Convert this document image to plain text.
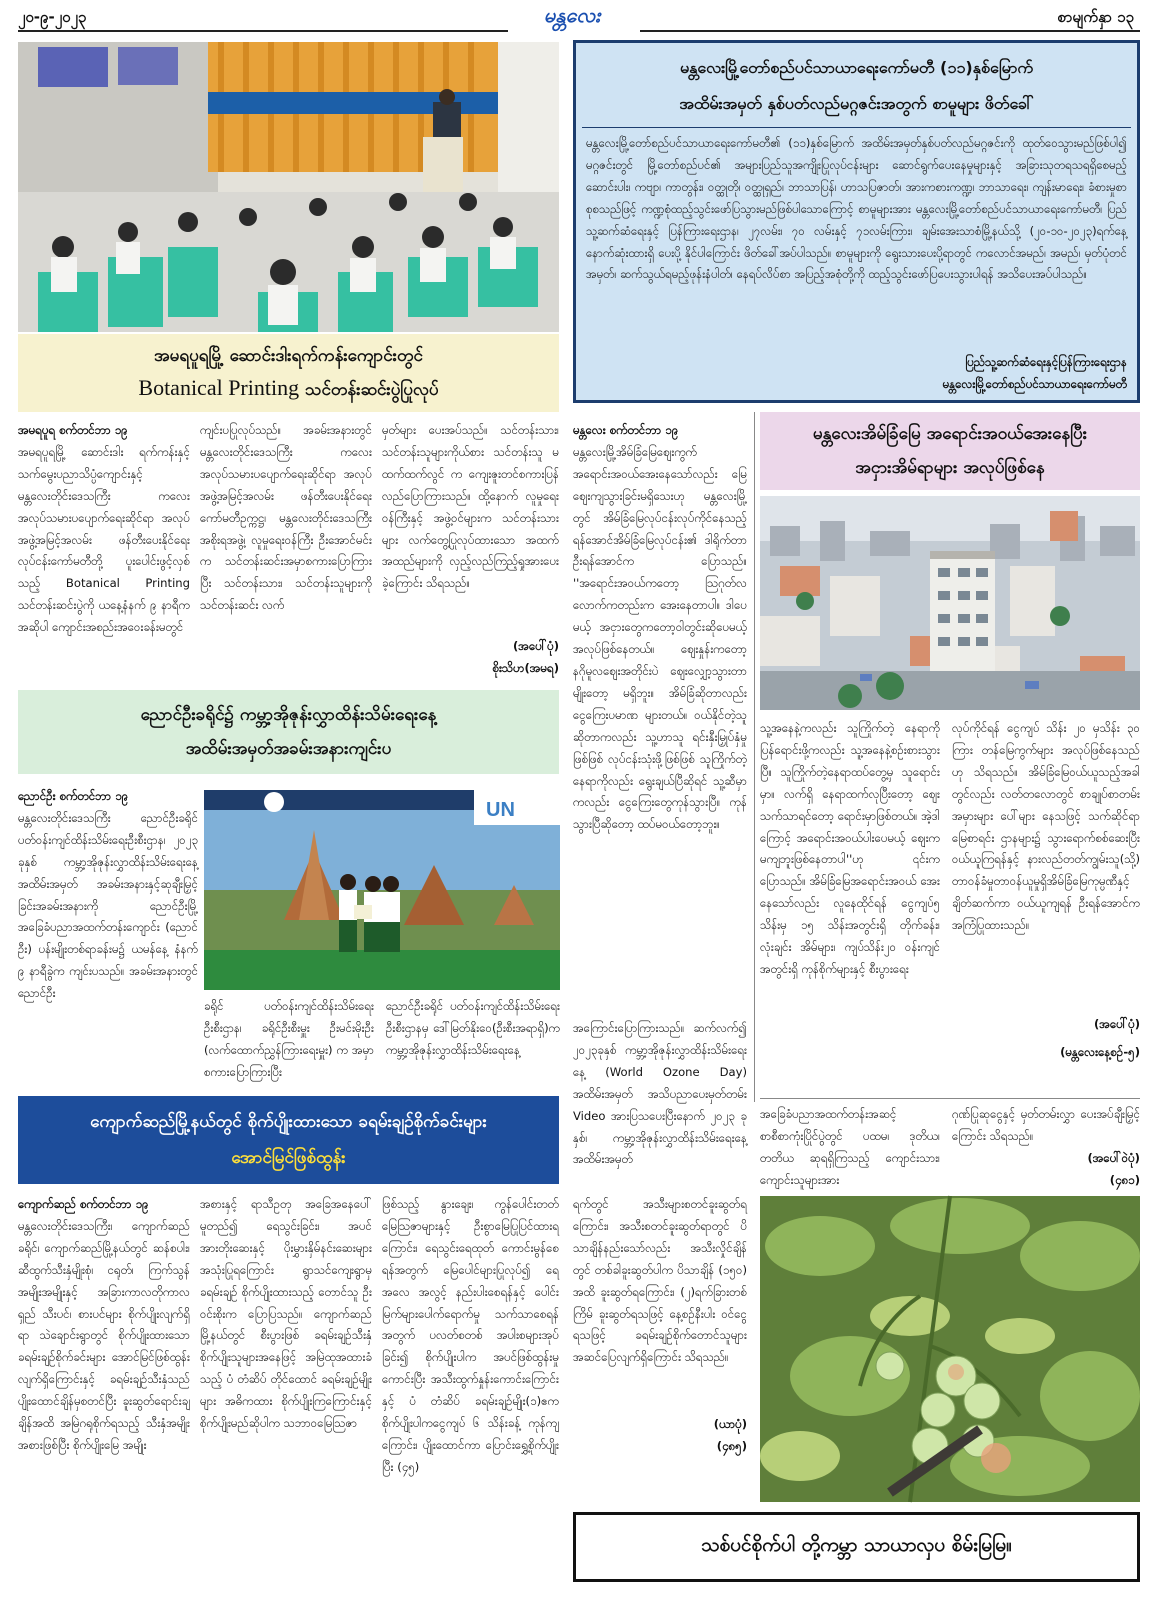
၂၀-၉-၂၀၂၃	မန္တလေး	စာမျက်နှာ ၁၃
အမရပူရမြို့ ဆောင်းဒါးရက်ကန်းကျောင်းတွင်
Botanical Printing သင်တန်းဆင်းပွဲပြုလုပ်
အမရပူရ စက်တင်ဘာ ၁၉
အမရပူရမြို့ ဆောင်းဒါး ရက်ကန်းနှင့် သက်မွေးပညာသိပ္ပံကျောင်းနှင့် မန္တလေးတိုင်းဒေသကြီး ကလေးအလုပ်သမားပပျောက်ရေးဆိုင်ရာ အလုပ်အဖွဲ့အမြင့်အလမ်း ဖန်တီးပေးနိုင်ရေးလုပ်ငန်းကော်မတီတို့ ပူးပေါင်းဖွင့်လှစ်သည့် Botanical Printing သင်တန်းဆင်းပွဲကို ယနေ့နံနက် ၉ နာရီက အဆိုပါ ကျောင်းအစည်းအဝေးခန်းမတွင်
ကျင်းပပြုလုပ်သည်။ အခမ်းအနားတွင် မန္တလေးတိုင်းဒေသကြီး ကလေးအလုပ်သမားပပျောက်ရေးဆိုင်ရာ အလုပ်အဖွဲ့အမြင့်အလမ်း ဖန်တီးပေးနိုင်ရေးကော်မတီဥက္ကဋ္ဌ၊ မန္တလေးတိုင်းဒေသကြီးအစိုးရအဖွဲ့၊ လူမှုရေးဝန်ကြီး ဦးအောင်မင်းက သင်တန်းဆင်းအမှာစကားပြောကြားပြီး သင်တန်းသား၊ သင်တန်းသူများကို သင်တန်းဆင်း လက်
မှတ်များ ပေးအပ်သည်။ သင်တန်းသား၊ သင်တန်းသူများကိုယ်စား သင်တန်းသူ မထက်ထက်လွင် က ကျေးဇူးတင်စကားပြန်လည်ပြောကြားသည်။ ထို့နောက် လူမှုရေးဝန်ကြီးနှင့် အဖွဲ့ဝင်များက သင်တန်းသားများ လက်တွေ့ပြုလုပ်ထားသော အထက်အထည်များကို လှည့်လည်ကြည့်ရှုအားပေး ခဲ့ကြောင်း သိရသည်။
(အပေါ်ပုံ)
စိုးသိဟ(အမရ)
မန္တလေးမြို့တော်စည်ပင်သာယာရေးကော်မတီ (၁၁)နှစ်မြောက်
အထိမ်းအမှတ် နှစ်ပတ်လည်မဂ္ဂဇင်းအတွက် စာမူများ ဖိတ်ခေါ်
မန္တလေးမြို့တော်စည်ပင်သာယာရေးကော်မတီ၏ (၁၁)နှစ်မြောက် အထိမ်းအမှတ်နှစ်ပတ်လည်မဂ္ဂဇင်းကို ထုတ်ဝေသွားမည်ဖြစ်ပါ၍ မဂ္ဂဇင်းတွင် မြို့တော်စည်ပင်၏ အများပြည်သူအကျိုးပြုလုပ်ငန်းများ ဆောင်ရွက်ပေးနေမှုများနှင့် အခြားသုတရသရရှိစေမည့် ဆောင်းပါး၊ ကဗျာ၊ ကာတွန်း၊ ဝတ္ထုတို၊ ဝတ္ထုရှည်၊ ဘာသာပြန်၊ ဟာသပြဇာတ်၊ အားကစားကဏ္ဍ၊ ဘာသာရေး၊ ကျန်းမာရေး၊ ခံစားမှုစာစုစသည်ဖြင့် ကဏ္ဍစုံထည့်သွင်းဖော်ပြသွားမည်ဖြစ်ပါသောကြောင့် စာမူများအား မန္တလေးမြို့တော်စည်ပင်သာယာရေးကော်မတီ၊ ပြည်သူ့ဆက်ဆံရေးနှင့် ပြန်ကြားရေးဌာန၊ ၂၇လမ်း၊ ၇၀ လမ်းနှင့် ၇၁လမ်းကြား၊ ချမ်းအေးသာစံမြို့နယ်သို့ (၂၀-၁၀-၂၀၂၃)ရက်နေ့ နောက်ဆုံးထားရှိ ပေးပို့ နိုင်ပါကြောင်း ဖိတ်ခေါ်အပ်ပါသည်။ စာမူများကို ရွေးသားပေးပို့ရာတွင် ကလောင်အမည်၊ အမည်၊ မှတ်ပုံတင်အမှတ်၊ ဆက်သွယ်ရမည့်ဖုန်းနံပါတ်၊ နေရပ်လိပ်စာ အပြည့်အစုံတို့ကို ထည့်သွင်းဖော်ပြပေးသွားပါရန် အသိပေးအပ်ပါသည်။
ပြည်သူ့ဆက်ဆံရေးနှင့်ပြန်ကြားရေးဌာန
မန္တလေးမြို့တော်စည်ပင်သာယာရေးကော်မတီ
မန္တလေး စက်တင်ဘာ ၁၉
မန္တလေးမြို့အိမ်ခြံမြေဈေးကွက် အရောင်းအဝယ်အေးနေသော်လည်း မြေဈေးကျသွားခြင်းမရှိသေးဟု မန္တလေးမြို့တွင် အိမ်ခြံမြေလုပ်ငန်းလုပ်ကိုင်နေသည့် ရန်အောင်အိမ်ခြံမြေလုပ်ငန်း၏ ဒါရိုက်တာ ဦးရန်အောင်က ပြောသည်။ ''အရောင်းအဝယ်ကတော့ ဩဂုတ်လလောက်ကတည်းက အေးနေတာပါ။ ဒါပေမယ့် အငှားတွေကတော့ဝါတွင်းဆိုပေမယ့် အလုပ်ဖြစ်နေတယ်။ ဈေးနှုန်းကတော့ နဂိုမူလဈေးအတိုင်းပဲ ဈေးလျှော့သွားတာမျိုးတော့ မရှိဘူး။ အိမ်ခြံဆိုတာလည်း ငွေကြေးပမာဏ များတယ်။ ဝယ်နိုင်တဲ့သူဆိုတာကလည်း သူ့ဟာသူ ရင်းနှီးမြှုပ်နှံမှုဖြစ်ဖြစ် လုပ်ငန်းသုံးဖို့ဖြစ်ဖြစ် သူကြိုက်တဲ့နေရာကိုလည်း ရွေးချယ်ပြီဆိုရင် သူ့ဆီမှာကလည်း ငွေကြေးတွေကုန်သွားပြီ။ ကုန်သွားပြီဆိုတော့ ထပ်မဝယ်တော့ဘူး။
မန္တလေးအိမ်ခြံမြေ အရောင်းအဝယ်အေးနေပြီး
အငှားအိမ်ရာများ အလုပ်ဖြစ်နေ
သူ့အနေနဲ့ကလည်း သူကြိုက်တဲ့ နေရာကိုပြန်ရောင်းဖို့ကလည်း သူ့အနေနဲ့စဉ်းစားသွားပြီ။ သူကြိုက်တဲ့နေရာထပ်တွေ့မှ သူရောင်းမှာ။ လက်ရှိ နေရာထက်လုပြီးတော့ ဈေးသက်သာရင်တော့ ရောင်းမှာဖြစ်တယ်။ အဲ့ဒါကြောင့် အရောင်းအဝယ်ပါးပေမယ့် ဈေးက မကျဘူးဖြစ်နေတာပါ''ဟု ၎င်းကပြောသည်။ အိမ်ခြံမြေအရောင်းအဝယ် အေးနေသော်လည်း လူနေထိုင်ရန် ငွေကျပ်၅ သိန်းမှ ၁၅ သိန်းအတွင်းရှိ တိုက်ခန်း၊ လုံးချင်း အိမ်များ၊ ကျပ်သိန်း၂၀ ဝန်းကျင် အတွင်းရှိ ကုန်စိုက်များနှင့် စီးပွားရေး
လုပ်ကိုင်ရန် ငွေကျပ် သိန်း ၂၀ မှသိန်း ၃၀ ကြား တန်မြေကွက်များ အလုပ်ဖြစ်နေသည်ဟု သိရသည်။ အိမ်ခြံမြေဝယ်ယူသည့်အခါ တွင်လည်း လတ်တလောတွင် စာချုပ်စာတမ်းအမှားများ ပေါ်များ နေသဖြင့် သက်ဆိုင်ရာမြေစာရင်း ဌာနများ၌ သွားရောက်စစ်ဆေးပြီး ဝယ်ယူကြရန်နှင့် နားလည်တတ်ကျွမ်းသူ(သို့) တာဝန်ခံမှုတာဝန်ယူမှုရှိအိမ်ခြံမြေကုမ္ပဏီနှင့် ချိတ်ဆက်ကာ ဝယ်ယူကျရန် ဦးရန်အောင်က အကြံပြုထားသည်။
(အပေါ်ပုံ)
(မန္တလေးနေ့စဉ်-၅)
ညောင်ဦးခရိုင်၌ ကမ္ဘာ့အိုဇုန်းလွှာထိန်းသိမ်းရေးနေ့
အထိမ်းအမှတ်အခမ်းအနားကျင်းပ
ညောင်ဦး စက်တင်ဘာ ၁၉
မန္တလေးတိုင်းဒေသကြီး ညောင်ဦးခရိုင် ပတ်ဝန်းကျင်ထိန်းသိမ်းရေးဦးစီးဌာန၊ ၂၀၂၃ ခုနှစ် ကမ္ဘာ့အိုဇုန်းလွှာထိန်းသိမ်းရေးနေ့ အထိမ်းအမှတ် အခမ်းအနားနှင့်ဆုချီးမြှင့်ခြင်းအခမ်းအနားကို ညောင်ဦးမြို့ အခြေခံပညာအထက်တန်းကျောင်း (ညောင်ဦး) ပန်းမျိုးတစ်ရာခန်းမ၌ ယမန်နေ့ နံနက် ၉ နာရီခွဲက ကျင်းပသည်။ အခမ်းအနားတွင် ညောင်ဦး
UN
ခရိုင် ပတ်ဝန်းကျင်ထိန်းသိမ်းရေးဦးစီးဌာန၊ ခရိုင်ဦးစီးမှူး ဦးမင်းမိုးဦး (လက်ထောက်ညွှန်ကြားရေးမှူး) က အမှာစကားပြောကြားပြီး
ညောင်ဦးခရိုင် ပတ်ဝန်းကျင်ထိန်းသိမ်းရေးဦးစီးဌာနမှ ဒေါ်မြတ်နိုးဝေ(ဦးစီးအရာရှိ)က ကမ္ဘာ့အိုဇုန်းလွှာထိန်းသိမ်းရေးနေ့
အကြောင်းပြောကြားသည်။ ဆက်လက်၍ ၂၀၂၃ခုနှစ် ကမ္ဘာ့အိုဇုန်းလွှာထိန်းသိမ်းရေးနေ့ (World Ozone Day) အထိမ်းအမှတ် အသိပညာပေးမှတ်တမ်း Video အားပြသပေးပြီးနောက် ၂၀၂၃ ခုနှစ်၊ ကမ္ဘာ့အိုဇုန်းလွှာထိန်းသိမ်းရေးနေ့ အထိမ်းအမှတ်
အခြေခံပညာအထက်တန်းအဆင့် စာစီစာကုံးပြိုင်ပွဲတွင် ပထမ၊ ဒုတိယ၊ တတိယ ဆုရရှိကြသည့် ကျောင်းသား၊ ကျောင်းသူများအား
ဂုဏ်ပြုဆုငွေနှင့် မှတ်တမ်းလွှာ ပေးအပ်ချီးမြှင့်ကြောင်း သိရသည်။
(အပေါ်ဝဲပုံ)
(၄၈၁)
ကျောက်ဆည်မြို့နယ်တွင် စိုက်ပျိုးထားသော ခရမ်းချဉ်စိုက်ခင်းများ
အောင်မြင်ဖြစ်ထွန်း
ကျောက်ဆည် စက်တင်ဘာ ၁၉
မန္တလေးတိုင်းဒေသကြီး၊ ကျောက်ဆည်ခရိုင်၊ ကျောက်ဆည်မြို့နယ်တွင် ဆန်စပါး၊ ဆီထွက်သီးနှံမျိုးစုံ၊ ငရုတ်၊ ကြက်သွန်အမျိုးအမျိုးနှင့် အခြားကာလတိုကာလရှည် သီးပင်၊ စားပင်များ စိုက်ပျိုးလျက်ရှိရာ သဲချောင်းရွာတွင် စိုက်ပျိုးထားသော ခရမ်းချဉ်စိုက်ခင်းများ အောင်မြင်ဖြစ်ထွန်းလျက်ရှိကြောင်းနှင့် ခရမ်းချဉ်သီးနှံသည် ပျိုးထောင်ချိန်မှစတင်ပြီး ခူးဆွတ်ရောင်းချချိန်အထိ အမြဲဂရုစိုက်ရသည့် သီးနှံအမျိုးအစားဖြစ်ပြီး စိုက်ပျိုးမြေ အမျိုး
အစားနှင့် ရာသီဥတု အခြေအနေပေါ်မူတည်၍ ရေသွင်းခြင်း၊ အပင်အားတိုးဆေးနှင့် ပိုးမွှားနှိမ်နင်းဆေးများ အသုံးပြုရကြောင်း ရွာသင်ကျေးရွာမှ ခရမ်းချဉ် စိုက်ပျိုးထားသည့် တောင်သူ ဦးဝင်းစိုးက ပြောပြသည်။ ကျောက်ဆည်မြို့နယ်တွင် စီးပွားဖြစ် ခရမ်းချဉ်သီးနှံစိုက်ပျိုးသူများအနေဖြင့် အမြဲထုအထားခံ သည့် ပံ တံဆိပ် တိုင်ထောင် ခရမ်းချဉ်မျိုးများ အဓိကထား စိုက်ပျိုးကြကြောင်းနှင့် စိုက်ပျိုးမည်ဆိုပါက သဘာဝမြေဩဇာ
ဖြစ်သည့် နွားချေး၊ ကွန်ပေါင်းတတ်မြေဩဇာများနှင့် ဦးစွာမြေပြုပြင်ထားရကြောင်း၊ ရေသွင်းရေထုတ် ကောင်းမွန်စေရန်အတွက် မြေပေါင်များပြုလုပ်၍ ရေ အလေ အလွင့် နည်းပါးစေရန်နှင့် ပေါင်းမြက်များပေါက်ရောက်မှု သက်သာစေရန်အတွက် ပလတ်စတစ် အပါးစများအုပ်ခြင်း၍ စိုက်ပျိုးပါက အပင်ဖြစ်ထွန်းမှုကောင်းပြီး အသီးထွက်နှုန်းကောင်းကြောင်းနှင့် ပံ တံဆိပ် ခရမ်းချဉ်မျိုး(၁)ဧက စိုက်ပျိုးပါကငွေကျပ် ၆ သိန်းခန့် ကုန်ကျကြောင်း၊ ပျိုးထောင်ကာ ပြောင်းရွှေ့စိုက်ပျိုးပြီး (၄၅)
ရက်တွင် အသီးများစတင်ခူးဆွတ်ရကြောင်း၊ အသီးစတင်ခူးဆွတ်ရာတွင် ပိသာချိန်နည်းသော်လည်း အသီးလှိုင်ချိန်တွင် တစ်ခါခူးဆွတ်ပါက ပိသာချိန် (၁၅၀) အထိ ခူးဆွတ်ရကြောင်း၊ (၂)ရက်ခြားတစ်ကြိမ် ခူးဆွတ်ရသဖြင့် နေ့စဉ်နီးပါး ဝင်ငွေရသဖြင့် ခရမ်းချဉ်စိုက်တောင်သူများ အဆင်ပြေလျက်ရှိကြောင်း သိရသည်။
(ယာပုံ)
(၄၈၅)
သစ်ပင်စိုက်ပါ တို့ကမ္ဘာ သာယာလှပ စိမ်းမြမြ။
